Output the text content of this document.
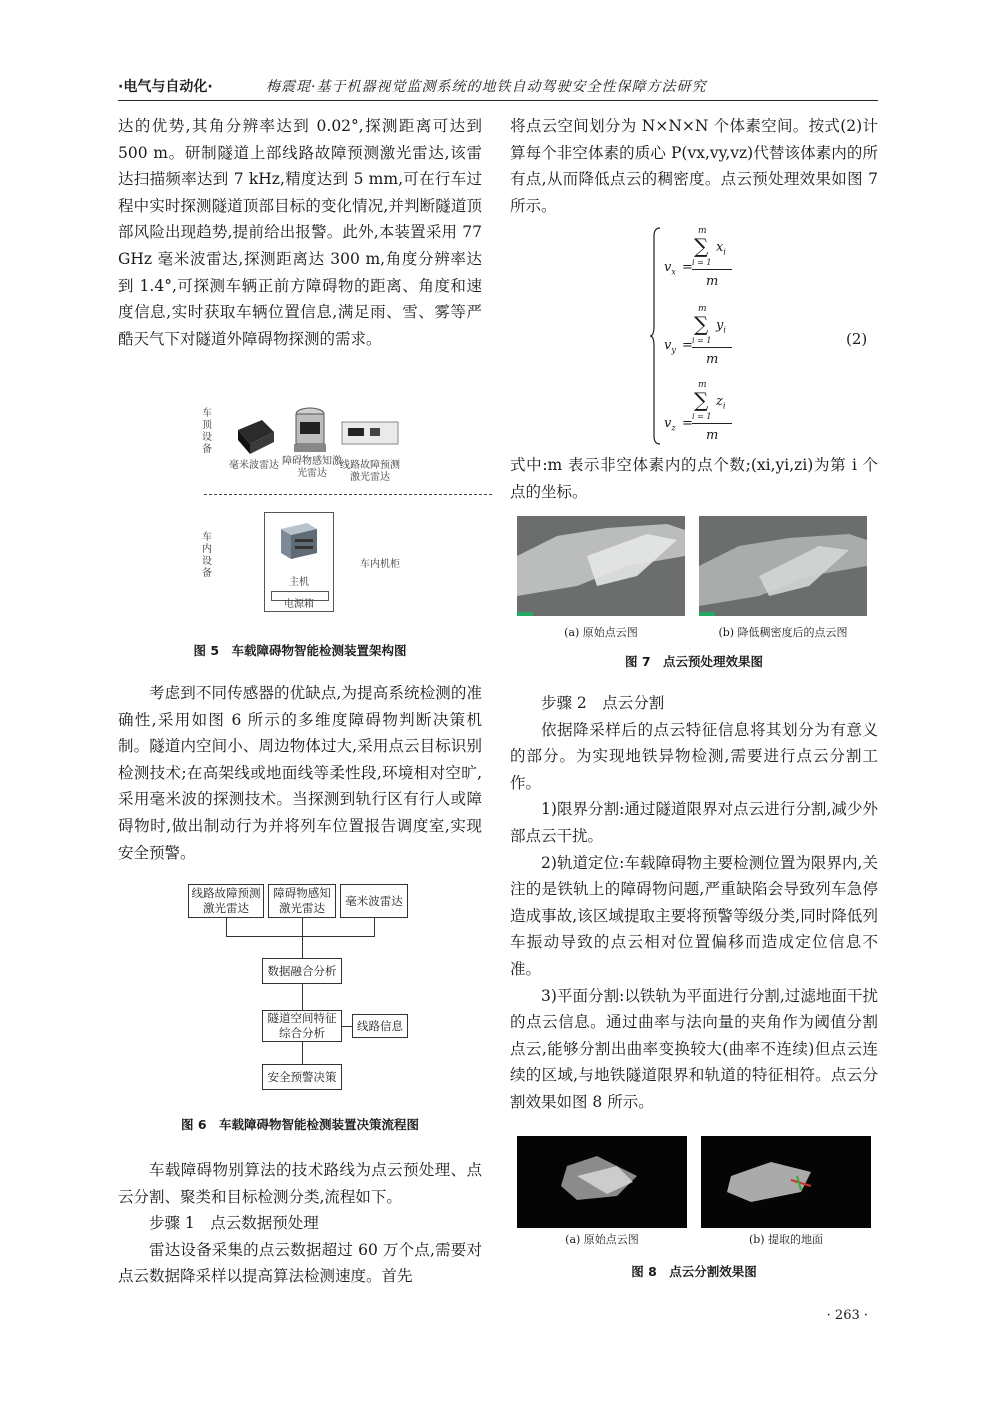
·电气与自动化·	梅震琨·基于机器视觉监测系统的地铁自动驾驶安全性保障方法研究

达的优势,其角分辨率达到 0.02°,探测距离可达到 500 m。研制隧道上部线路故障预测激光雷达,该雷达扫描频率达到 7 kHz,精度达到 5 mm,可在行车过程中实时探测隧道顶部目标的变化情况,并判断隧道顶部风险出现趋势,提前给出报警。此外,本装置采用 77 GHz 毫米波雷达,探测距离达 300 m,角度分辨率达到 1.4°,可探测车辆正前方障碍物的距离、角度和速度信息,实时获取车辆位置信息,满足雨、雪、雾等严酷天气下对隧道外障碍物探测的需求。

车顶设备
车内设备
毫米波雷达 障碍物感知激光雷达
线路故障预测激光雷达
主机
电源箱
车内机柜
图 5　车载障碍物智能检测装置架构图

考虑到不同传感器的优缺点,为提高系统检测的准确性,采用如图 6 所示的多维度障碍物判断决策机制。隧道内空间小、周边物体过大,采用点云目标识别检测技术;在高架线或地面线等柔性段,环境相对空旷,采用毫米波的探测技术。当探测到轨行区有行人或障碍物时,做出制动行为并将列车位置报告调度室,实现安全预警。

线路故障预测激光雷达
障碍物感知激光雷达
毫米波雷达
数据融合分析
隧道空间特征综合分析
线路信息
安全预警决策
图 6　车载障碍物智能检测装置决策流程图

车载障碍物别算法的技术路线为点云预处理、点云分割、聚类和目标检测分类,流程如下。

步骤 1　点云数据预处理

雷达设备采集的点云数据超过 60 万个点,需要对点云数据降采样以提高算法检测速度。首先

将点云空间划分为 N×N×N 个体素空间。按式(2)计算每个非空体素的质心 P(vx,vy,vz)代替该体素内的所有点,从而降低点云的稠密度。点云预处理效果如图 7 所示。

$v_x$ =
m
∑ $x_i$
i = 1
m
$v_y$ =
m
∑ $y_i$
i = 1
m
$v_z$ =
m
∑ $z_i$
i = 1
m
(2)

式中:m 表示非空体素内的点个数;(xi,yi,zi)为第 i 个点的坐标。

(a) 原始点云图	(b) 降低稠密度后的点云图
图 7　点云预处理效果图

步骤 2　点云分割

依据降采样后的点云特征信息将其划分为有意义的部分。为实现地铁异物检测,需要进行点云分割工作。

1)限界分割:通过隧道限界对点云进行分割,减少外部点云干扰。

2)轨道定位:车载障碍物主要检测位置为限界内,关注的是铁轨上的障碍物问题,严重缺陷会导致列车急停造成事故,该区域提取主要将预警等级分类,同时降低列车振动导致的点云相对位置偏移而造成定位信息不准。

3)平面分割:以铁轨为平面进行分割,过滤地面干扰的点云信息。通过曲率与法向量的夹角作为阈值分割点云,能够分割出曲率变换较大(曲率不连续)但点云连续的区域,与地铁隧道限界和轨道的特征相符。点云分割效果如图 8 所示。

(a) 原始点云图	(b) 提取的地面
图 8　点云分割效果图
· 263 ·
